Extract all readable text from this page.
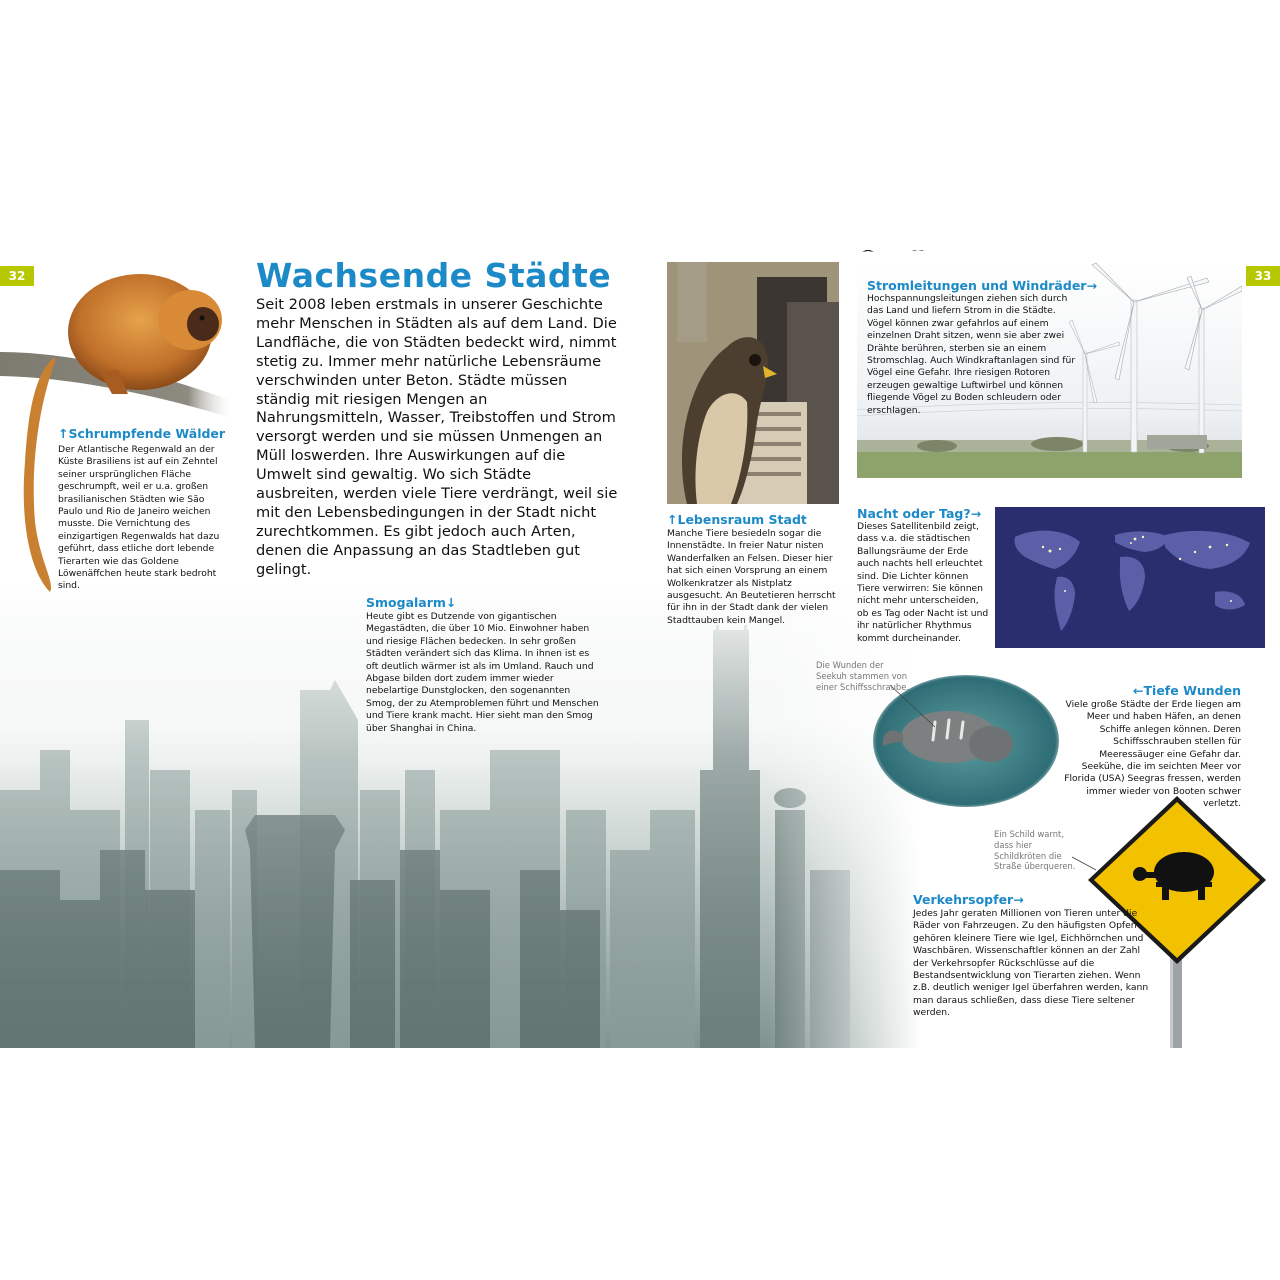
32	33
Wachsende Städte
Seit 2008 leben erstmals in unserer Geschichte mehr Menschen in Städten als auf dem Land. Die Landfläche, die von Städten bedeckt wird, nimmt stetig zu. Immer mehr natürliche Lebensräume verschwinden unter Beton. Städte müssen ständig mit riesigen Mengen an Nahrungsmitteln, Wasser, Treibstoffen und Strom versorgt werden und sie müssen Unmengen an Müll loswerden. Ihre Auswirkungen auf die Umwelt sind gewaltig. Wo sich Städte ausbreiten, werden viele Tiere verdrängt, weil sie mit den Lebensbedingungen in der Stadt nicht zurechtkommen. Es gibt jedoch auch Arten, denen die Anpassung an das Stadtleben gut gelingt.
↑Schrumpfende Wälder
Der Atlantische Regenwald an der Küste Brasiliens ist auf ein Zehntel seiner ursprünglichen Fläche geschrumpft, weil er u.a. großen brasilianischen Städten wie São Paulo und Rio de Janeiro weichen musste. Die Vernichtung des einzigartigen Regenwalds hat dazu geführt, dass etliche dort lebende Tierarten wie das Goldene Löwenäffchen heute stark bedroht sind.
Smogalarm↓
Heute gibt es Dutzende von gigantischen Megastädten, die über 10 Mio. Einwohner haben und riesige Flächen bedecken. In sehr großen Städten verändert sich das Klima. In ihnen ist es oft deutlich wärmer ist als im Umland. Rauch und Abgase bilden dort zudem immer wieder nebelartige Dunstglocken, den sogenannten Smog, der zu Atemproblemen führt und Menschen und Tiere krank macht. Hier sieht man den Smog über Shanghai in China.
↑Lebensraum Stadt
Manche Tiere besiedeln sogar die Innenstädte. In freier Natur nisten Wanderfalken an Felsen. Dieser hier hat sich einen Vorsprung an einem Wolkenkratzer als Nistplatz ausgesucht. An Beutetieren herrscht für ihn in der Stadt dank der vielen Stadttauben kein Mangel.
Stromleitungen und Windräder→
Hochspannungsleitungen ziehen sich durch das Land und liefern Strom in die Städte. Vögel können zwar gefahrlos auf einem einzelnen Draht sitzen, wenn sie aber zwei Drähte berühren, sterben sie an einem Stromschlag. Auch Windkraftanlagen sind für Vögel eine Gefahr. Ihre riesigen Rotoren erzeugen gewaltige Luftwirbel und können fliegende Vögel zu Boden schleudern oder erschlagen.
Nacht oder Tag?→
Dieses Satellitenbild zeigt, dass v.a. die städtischen Ballungsräume der Erde auch nachts hell erleuchtet sind. Die Lichter können Tiere verwirren: Sie können nicht mehr unterscheiden, ob es Tag oder Nacht ist und ihr natürlicher Rhythmus kommt durcheinander.
Die Wunden der Seekuh stammen von einer Schiffsschraube.	←Tiefe Wunden
Viele große Städte der Erde liegen am Meer und haben Häfen, an denen Schiffe anlegen können. Deren Schiffsschrauben stellen für Meeressäuger eine Gefahr dar. Seekühe, die im seichten Meer vor Florida (USA) Seegras fressen, werden immer wieder von Booten schwer verletzt.
Ein Schild warnt, dass hier Schildkröten die Straße überqueren.
Verkehrsopfer→
Jedes Jahr geraten Millionen von Tieren unter die Räder von Fahrzeugen. Zu den häufigsten Opfern gehören kleinere Tiere wie Igel, Eichhörnchen und Waschbären. Wissenschaftler können an der Zahl der Verkehrsopfer Rückschlüsse auf die Bestandsentwicklung von Tierarten ziehen. Wenn z.B. deutlich weniger Igel überfahren werden, kann man daraus schließen, dass diese Tiere seltener werden.
